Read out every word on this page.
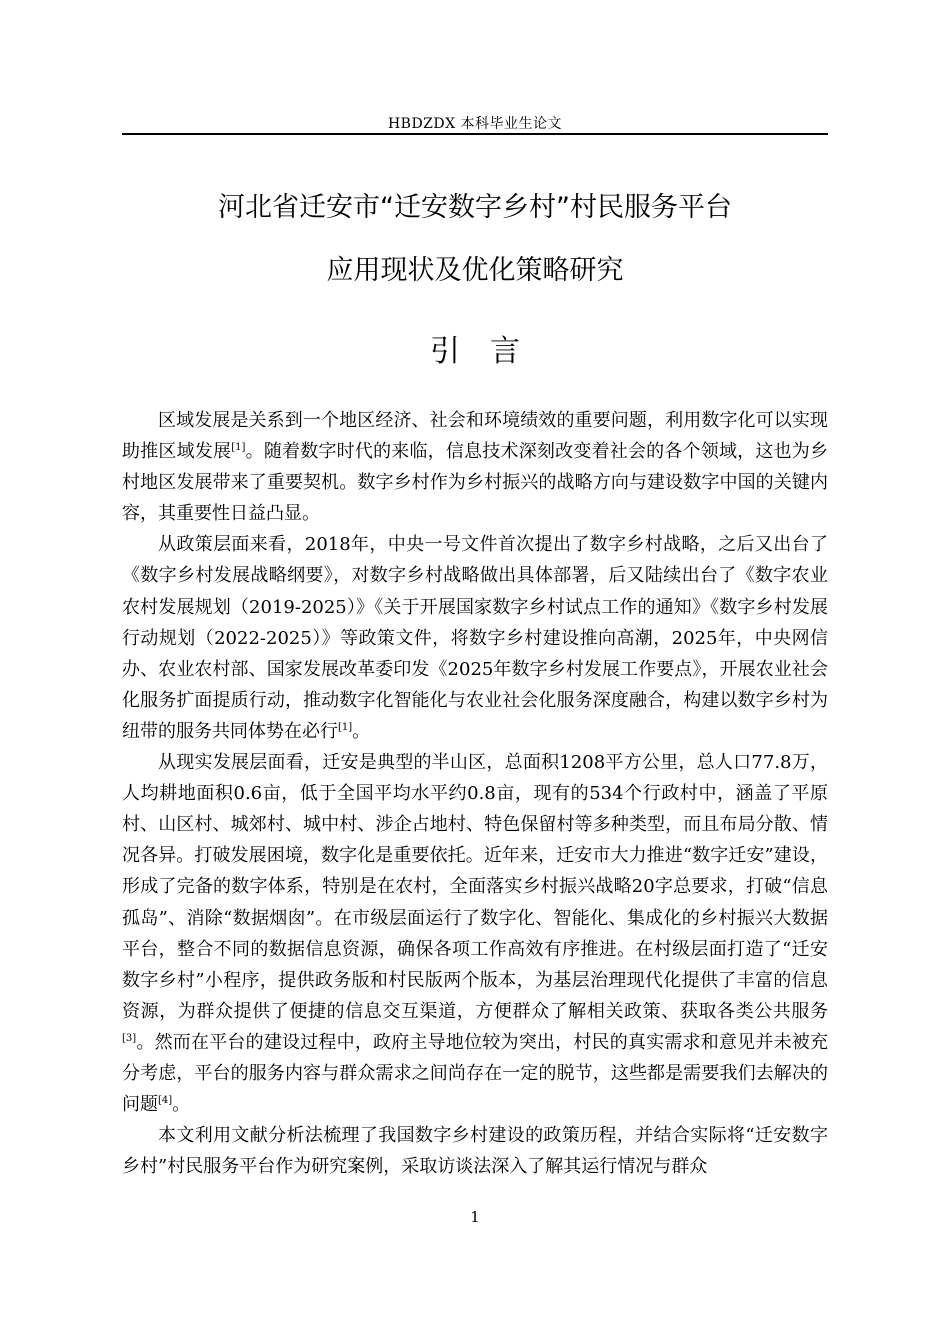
HBDZDX 本科毕业生论文
河北省迁安市“迁安数字乡村”村民服务平台
应用现状及优化策略研究
引言

区域发展是关系到一个地区经济、社会和环境绩效的重要问题，利用数字化可以实现助推区域发展[1]。随着数字时代的来临，信息技术深刻改变着社会的各个领域，这也为乡村地区发展带来了重要契机。数字乡村作为乡村振兴的战略方向与建设数字中国的关键内容，其重要性日益凸显。

从政策层面来看，2018年，中央一号文件首次提出了数字乡村战略，之后又出台了《数字乡村发展战略纲要》，对数字乡村战略做出具体部署，后又陆续出台了《数字农业农村发展规划（2019-2025）》《关于开展国家数字乡村试点工作的通知》《数字乡村发展行动规划（2022-2025）》等政策文件，将数字乡村建设推向高潮，2025年，中央网信办、农业农村部、国家发展改革委印发《2025年数字乡村发展工作要点》，开展农业社会化服务扩面提质行动，推动数字化智能化与农业社会化服务深度融合，构建以数字乡村为纽带的服务共同体势在必行[1]。

从现实发展层面看，迁安是典型的半山区，总面积1208平方公里，总人口77.8万，人均耕地面积0.6亩，低于全国平均水平约0.8亩，现有的534个行政村中，涵盖了平原村、山区村、城郊村、城中村、涉企占地村、特色保留村等多种类型，而且布局分散、情况各异。打破发展困境，数字化是重要依托。近年来，迁安市大力推进“数字迁安”建设，形成了完备的数字体系，特别是在农村，全面落实乡村振兴战略20字总要求，打破“信息孤岛”、消除“数据烟囱”。在市级层面运行了数字化、智能化、集成化的乡村振兴大数据平台，整合不同的数据信息资源，确保各项工作高效有序推进。在村级层面打造了“迁安数字乡村”小程序，提供政务版和村民版两个版本，为基层治理现代化提供了丰富的信息资源，为群众提供了便捷的信息交互渠道，方便群众了解相关政策、获取各类公共服务[3]。然而在平台的建设过程中，政府主导地位较为突出，村民的真实需求和意见并未被充分考虑，平台的服务内容与群众需求之间尚存在一定的脱节，这些都是需要我们去解决的问题[4]。

本文利用文献分析法梳理了我国数字乡村建设的政策历程，并结合实际将“迁安数字乡村”村民服务平台作为研究案例，采取访谈法深入了解其运行情况与群众

1
